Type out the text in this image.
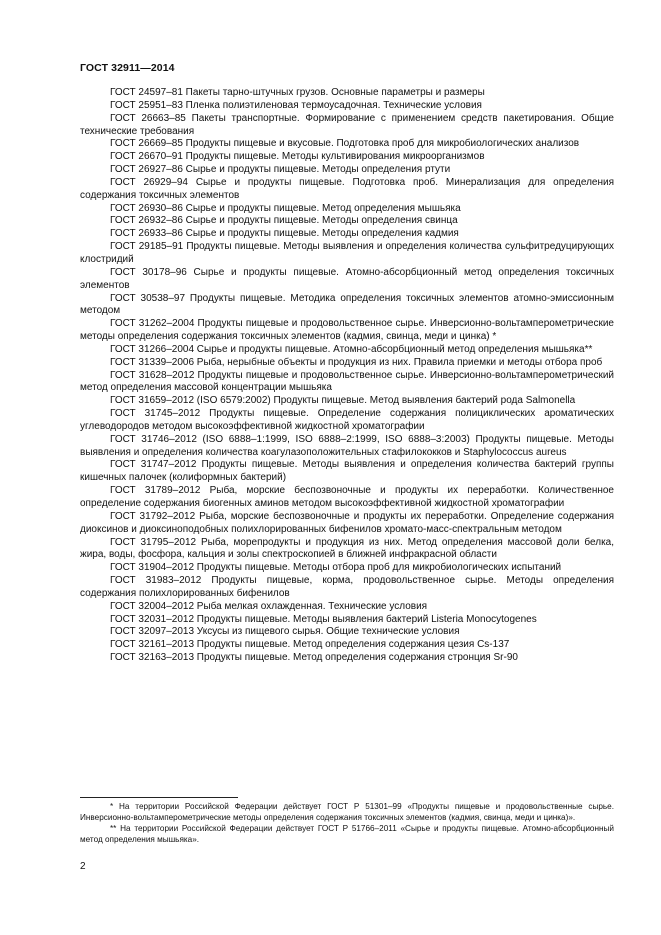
ГОСТ 32911—2014

ГОСТ 24597–81 Пакеты тарно-штучных грузов. Основные параметры и размеры

ГОСТ 25951–83 Пленка полиэтиленовая термоусадочная. Технические условия

ГОСТ 26663–85 Пакеты транспортные. Формирование с применением средств пакетирования. Общие технические требования

ГОСТ 26669–85 Продукты пищевые и вкусовые. Подготовка проб для микробиологических анализов

ГОСТ 26670–91 Продукты пищевые. Методы культивирования микроорганизмов

ГОСТ 26927–86 Сырье и продукты пищевые. Методы определения ртути

ГОСТ 26929–94 Сырье и продукты пищевые. Подготовка проб. Минерализация для определения содержания токсичных элементов

ГОСТ 26930–86 Сырье и продукты пищевые. Метод определения мышьяка

ГОСТ 26932–86 Сырье и продукты пищевые. Методы определения свинца

ГОСТ 26933–86 Сырье и продукты пищевые. Методы определения кадмия

ГОСТ 29185–91 Продукты пищевые. Методы выявления и определения количества сульфитредуцирующих клостридий

ГОСТ 30178–96 Сырье и продукты пищевые. Атомно-абсорбционный метод определения токсичных элементов

ГОСТ 30538–97 Продукты пищевые. Методика определения токсичных элементов атомно-эмиссионным методом

ГОСТ 31262–2004 Продукты пищевые и продовольственное сырье. Инверсионно-вольтамперометрические методы определения содержания токсичных элементов (кадмия, свинца, меди и цинка) *

ГОСТ 31266–2004 Сырье и продукты пищевые. Атомно-абсорбционный метод определения мышьяка**

ГОСТ 31339–2006 Рыба, нерыбные объекты и продукция из них. Правила приемки и методы отбора проб

ГОСТ 31628–2012 Продукты пищевые и продовольственное сырье. Инверсионно-вольтамперометрический метод определения массовой концентрации мышьяка

ГОСТ 31659–2012 (ISO 6579:2002) Продукты пищевые. Метод выявления бактерий рода Salmonella

ГОСТ 31745–2012 Продукты пищевые. Определение содержания полициклических ароматических углеводородов методом высокоэффективной жидкостной хроматографии

ГОСТ 31746–2012 (ISO 6888–1:1999, ISO 6888–2:1999, ISO 6888–3:2003) Продукты пищевые. Методы выявления и определения количества коагулазоположительных стафилококков и Staphylococcus aureus

ГОСТ 31747–2012 Продукты пищевые. Методы выявления и определения количества бактерий группы кишечных палочек (колиформных бактерий)

ГОСТ 31789–2012 Рыба, морские беспозвоночные и продукты их переработки. Количественное определение содержания биогенных аминов методом высокоэффективной жидкостной хроматографии

ГОСТ 31792–2012 Рыба, морские беспозвоночные и продукты их переработки. Определение содержания диоксинов и диоксиноподобных полихлорированных бифенилов хромато-масс-спектральным методом

ГОСТ 31795–2012 Рыба, морепродукты и продукция из них. Метод определения массовой доли белка, жира, воды, фосфора, кальция и золы спектроскопией в ближней инфракрасной области

ГОСТ 31904–2012 Продукты пищевые. Методы отбора проб для микробиологических испытаний

ГОСТ 31983–2012 Продукты пищевые, корма, продовольственное сырье. Методы определения содержания полихлорированных бифенилов

ГОСТ 32004–2012 Рыба мелкая охлажденная. Технические условия

ГОСТ 32031–2012 Продукты пищевые. Методы выявления бактерий Listeria Monocytogenes

ГОСТ 32097–2013 Уксусы из пищевого сырья. Общие технические условия

ГОСТ 32161–2013 Продукты пищевые. Метод определения содержания цезия Cs-137

ГОСТ 32163–2013 Продукты пищевые. Метод определения содержания стронция Sr-90

* На территории Российской Федерации действует ГОСТ Р 51301–99 «Продукты пищевые и продовольственные сырье. Инверсионно-вольтамперометрические методы определения содержания токсичных элементов (кадмия, свинца, меди и цинка)».

** На территории Российской Федерации действует ГОСТ Р 51766–2011 «Сырье и продукты пищевые. Атомно-абсорбционный метод определения мышьяка».

2
